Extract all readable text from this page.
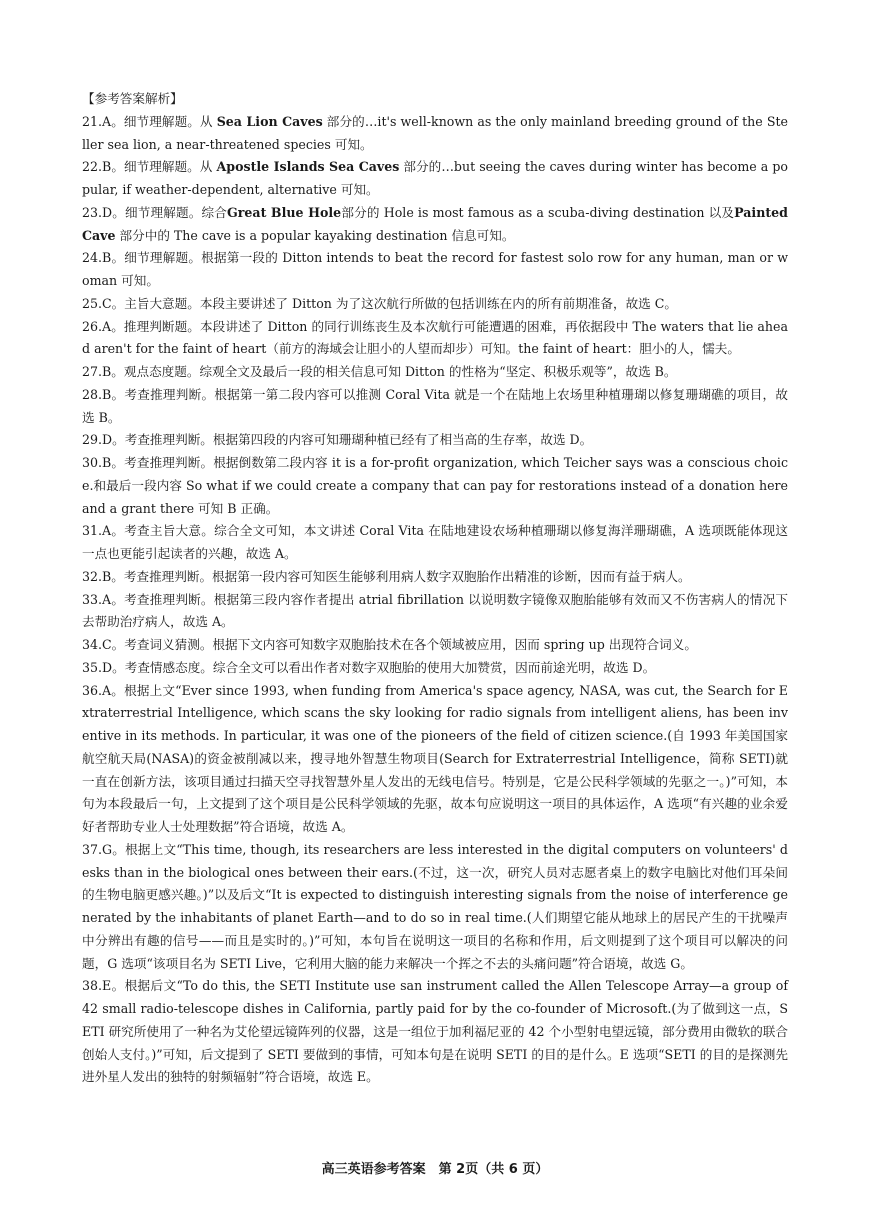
【参考答案解析】

21.A。细节理解题。从 Sea Lion Caves 部分的…it's well-known as the only mainland breeding ground of the Steller sea lion, a near-threatened species 可知。

22.B。细节理解题。从 Apostle Islands Sea Caves 部分的…but seeing the caves during winter has become a popular, if weather-dependent, alternative 可知。

23.D。细节理解题。综合Great Blue Hole部分的 Hole is most famous as a scuba-diving destination 以及Painted Cave 部分中的 The cave is a popular kayaking destination 信息可知。

24.B。细节理解题。根据第一段的 Ditton intends to beat the record for fastest solo row for any human, man or woman 可知。

25.C。主旨大意题。本段主要讲述了 Ditton 为了这次航行所做的包括训练在内的所有前期准备，故选 C。

26.A。推理判断题。本段讲述了 Ditton 的同行训练丧生及本次航行可能遭遇的困难，再依据段中 The waters that lie ahead aren't for the faint of heart（前方的海域会让胆小的人望而却步）可知。the faint of heart：胆小的人，懦夫。

27.B。观点态度题。综观全文及最后一段的相关信息可知 Ditton 的性格为“坚定、积极乐观等”，故选 B。

28.B。考查推理判断。根据第一第二段内容可以推测 Coral Vita 就是一个在陆地上农场里种植珊瑚以修复珊瑚礁的项目，故选 B。

29.D。考查推理判断。根据第四段的内容可知珊瑚种植已经有了相当高的生存率，故选 D。

30.B。考查推理判断。根据倒数第二段内容 it is a for-profit organization, which Teicher says was a conscious choice.和最后一段内容 So what if we could create a company that can pay for restorations instead of a donation here and a grant there 可知 B 正确。

31.A。考查主旨大意。综合全文可知，本文讲述 Coral Vita 在陆地建设农场种植珊瑚以修复海洋珊瑚礁，A 选项既能体现这一点也更能引起读者的兴趣，故选 A。

32.B。考查推理判断。根据第一段内容可知医生能够利用病人数字双胞胎作出精准的诊断，因而有益于病人。

33.A。考查推理判断。根据第三段内容作者提出 atrial fibrillation 以说明数字镜像双胞胎能够有效而又不伤害病人的情况下去帮助治疗病人，故选 A。

34.C。考查词义猜测。根据下文内容可知数字双胞胎技术在各个领域被应用，因而 spring up 出现符合词义。

35.D。考查情感态度。综合全文可以看出作者对数字双胞胎的使用大加赞赏，因而前途光明，故选 D。

36.A。根据上文“Ever since 1993, when funding from America's space agency, NASA, was cut, the Search for Extraterrestrial Intelligence, which scans the sky looking for radio signals from intelligent aliens, has been inventive in its methods. In particular, it was one of the pioneers of the field of citizen science.(自 1993 年美国国家航空航天局(NASA)的资金被削减以来，搜寻地外智慧生物项目(Search for Extraterrestrial Intelligence，简称 SETI)就一直在创新方法，该项目通过扫描天空寻找智慧外星人发出的无线电信号。特别是，它是公民科学领域的先驱之一。)”可知，本句为本段最后一句，上文提到了这个项目是公民科学领域的先驱，故本句应说明这一项目的具体运作，A 选项“有兴趣的业余爱好者帮助专业人士处理数据”符合语境，故选 A。

37.G。根据上文“This time, though, its researchers are less interested in the digital computers on volunteers' desks than in the biological ones between their ears.(不过，这一次，研究人员对志愿者桌上的数字电脑比对他们耳朵间的生物电脑更感兴趣。)”以及后文“It is expected to distinguish interesting signals from the noise of interference generated by the inhabitants of planet Earth—and to do so in real time.(人们期望它能从地球上的居民产生的干扰噪声中分辨出有趣的信号——而且是实时的。)”可知，本句旨在说明这一项目的名称和作用，后文则提到了这个项目可以解决的问题，G 选项“该项目名为 SETI Live，它利用大脑的能力来解决一个挥之不去的头痛问题”符合语境，故选 G。

38.E。根据后文“To do this, the SETI Institute use san instrument called the Allen Telescope Array—a group of 42 small radio-telescope dishes in California, partly paid for by the co-founder of Microsoft.(为了做到这一点，SETI 研究所使用了一种名为艾伦望远镜阵列的仪器，这是一组位于加利福尼亚的 42 个小型射电望远镜，部分费用由微软的联合创始人支付。)”可知，后文提到了 SETI 要做到的事情，可知本句是在说明 SETI 的目的是什么。E 选项“SETI 的目的是探测先进外星人发出的独特的射频辐射”符合语境，故选 E。

高三英语参考答案　第 2页（共 6 页）
